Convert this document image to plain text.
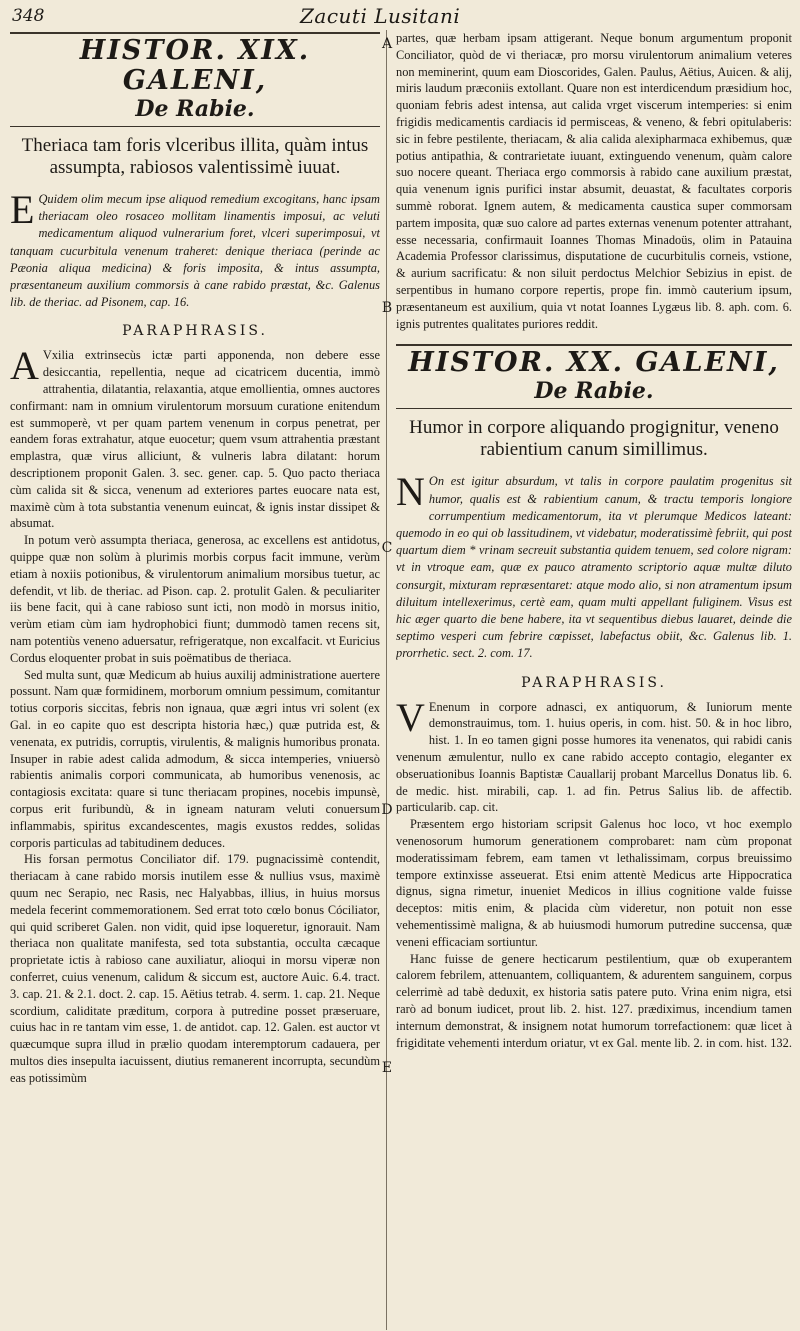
348	Zacuti Lusitani
A
B
C
D
E
HISTOR. XIX. GALENI,
De Rabie.

Theriaca tam foris vlceribus illita, quàm intus assumpta, rabiosos valentissimè iuuat.

E Quidem olim mecum ipse aliquod remedium excogitans, hanc ipsam theriacam oleo rosaceo mollitam linamentis imposui, ac veluti medicamentum aliquod vulnerarium foret, vlceri superimposui, vt tanquam cucurbitula venenum traheret: denique theriaca (perinde ac Pæonia aliqua medicina) & foris imposita, & intus assumpta, præsentaneum auxilium commorsis à cane rabido præstat, &c. Galenus lib. de theriac. ad Pisonem, cap. 16.

PARAPHRASIS.

A Vxilia extrinsecùs ictæ parti apponenda, non debere esse desiccantia, repellentia, neque ad cicatricem ducentia, immò attrahentia, dilatantia, relaxantia, atque emollientia, omnes auctores confirmant: nam in omnium virulentorum morsuum curatione enitendum est summoperè, vt per quam partem venenum in corpus penetrat, per eandem foras extrahatur, atque euocetur; quem vsum attrahentia præstant emplastra, quæ virus alliciunt, & vulneris labra dilatant: horum descriptionem proponit Galen. 3. sec. gener. cap. 5. Quo pacto theriaca cùm calida sit & sicca, venenum ad exteriores partes euocare nata est, maximè cùm à tota substantia venenum euincat, & ignis instar dissipet & absumat.

In potum verò assumpta theriaca, generosa, ac excellens est antidotus, quippe quæ non solùm à plurimis morbis corpus facit immune, verùm etiam à noxiis potionibus, & virulentorum animalium morsibus tuetur, ac defendit, vt lib. de theriac. ad Pison. cap. 2. protulit Galen. & peculiariter iis bene facit, qui à cane rabioso sunt icti, non modò in morsus initio, verùm etiam cùm iam hydrophobici fiunt; dummodò tamen recens sit, nam potentiùs veneno aduersatur, refrigeratque, non excalfacit. vt Euricius Cordus eloquenter probat in suis poëmatibus de theriaca.

Sed multa sunt, quæ Medicum ab huius auxilij administratione auertere possunt. Nam quæ formidinem, morborum omnium pessimum, comitantur totius corporis siccitas, febris non ignaua, quæ ægri intus vri solent (ex Gal. in eo capite quo est descripta historia hæc,) quæ putrida est, & venenata, ex putridis, corruptis, virulentis, & malignis humoribus pronata. Insuper in rabie adest calida admodum, & sicca intemperies, vniuersò rabientis animalis corpori communicata, ab humoribus venenosis, ac contagiosis excitata: quare si tunc theriacam propines, nocebis impunsè, corpus erit furibundù, & in igneam naturam veluti conuersum inflammabis, spiritus excandescentes, magis exustos reddes, solidas corporis particulas ad tabitudinem deduces.

His forsan permotus Conciliator dif. 179. pugnacissimè contendit, theriacam à cane rabido morsis inutilem esse & nullius vsus, maximè quum nec Serapio, nec Rasis, nec Halyabbas, illius, in huius morsus medela fecerint commemorationem. Sed errat toto cœlo bonus Cóciliator, qui quid scriberet Galen. non vidit, quid ipse loqueretur, ignorauit. Nam theriaca non qualitate manifesta, sed tota substantia, occulta cæcaque proprietate ictis à rabioso cane auxiliatur, alioqui in morsu viperæ non conferret, cuius venenum, calidum & siccum est, auctore Auic. 6.4. tract. 3. cap. 21. & 2.1. doct. 2. cap. 15. Aëtius tetrab. 4. serm. 1. cap. 21. Neque scordium, caliditate præditum, corpora à putredine posset præseruare, cuius hac in re tantam vim esse, 1. de antidot. cap. 12. Galen. est auctor vt quæcumque supra illud in prælio quodam interemptorum cadauera, per multos dies insepulta iacuissent, diutius remanerent incorrupta, secundùm eas potissimùm

partes, quæ herbam ipsam attigerant. Neque bonum argumentum proponit Conciliator, quòd de vi theriacæ, pro morsu virulentorum animalium veteres non meminerint, quum eam Dioscorides, Galen. Paulus, Aëtius, Auicen. & alij, miris laudum præconiis extollant. Quare non est interdicendum præsidium hoc, quoniam febris adest intensa, aut calida vrget viscerum intemperies: si enim frigidis medicamentis cardiacis id permisceas, & veneno, & febri opitulaberis: sic in febre pestilente, theriacam, & alia calida alexipharmaca exhibemus, quæ potius antipathia, & contrarietate iuuant, extinguendo venenum, quàm calore suo nocere queant. Theriaca ergo commorsis à rabido cane auxilium præstat, quia venenum ignis purifici instar absumit, deuastat, & facultates corporis summè roborat. Ignem autem, & medicamenta caustica super commorsam partem imposita, quæ suo calore ad partes externas venenum potenter attrahant, esse necessaria, confirmauit Ioannes Thomas Minadoüs, olim in Patauina Academia Professor clarissimus, disputatione de cucurbitulis corneis, vstione, & aurium sacrificatu: & non siluit perdoctus Melchior Sebizius in epist. de serpentibus in humano corpore repertis, prope fin. immò cauterium ipsum, præsentaneum est auxilium, quia vt notat Ioannes Lygæus lib. 8. aph. com. 6. ignis putrentes qualitates puriores reddit.

HISTOR. XX. GALENI,
De Rabie.

Humor in corpore aliquando progignitur, veneno rabientium canum simillimus.

N On est igitur absurdum, vt talis in corpore paulatim progenitus sit humor, qualis est & rabientium canum, & tractu temporis longiore corrumpentium medicamentorum, ita vt plerumque Medicos lateant: quemodo in eo qui ob lassitudinem, vt videbatur, moderatissimè febriit, qui post quartum diem * vrinam secreuit substantia quidem tenuem, sed colore nigram: vt in vtroque eam, quæ ex pauco atramento scriptorio aquæ multæ diluto consurgit, mixturam repræsentaret: atque modo alio, si non atramentum ipsum diluitum intellexerimus, certè eam, quam multi appellant fuliginem. Visus est hic æger quarto die bene habere, ita vt sequentibus diebus lauaret, deinde die septimo vesperi cum febrire cœpisset, labefactus obiit, &c. Galenus lib. 1. prorrhetic. sect. 2. com. 17.

PARAPHRASIS.

V Enenum in corpore adnasci, ex antiquorum, & Iuniorum mente demonstrauimus, tom. 1. huius operis, in com. hist. 50. & in hoc libro, hist. 1. In eo tamen gigni posse humores ita venenatos, qui rabidi canis venenum æmulentur, nullo ex cane rabido accepto contagio, eleganter ex obseruationibus Ioannis Baptistæ Cauallarij probant Marcellus Donatus lib. 6. de medic. hist. mirabili, cap. 1. ad fin. Petrus Salius lib. de affectib. particularib. cap. cit.

Præsentem ergo historiam scripsit Galenus hoc loco, vt hoc exemplo venenosorum humorum generationem comprobaret: nam cùm proponat moderatissimam febrem, eam tamen vt lethalissimam, corpus breuissimo tempore extinxisse asseuerat. Etsi enim attentè Medicus arte Hippocratica dignus, signa rimetur, inueniet Medicos in illius cognitione valde fuisse deceptos: mitis enim, & placida cùm videretur, non potuit non esse vehementissimè maligna, & ab huiusmodi humorum putredine succensa, quæ veneni efficaciam sortiuntur.

Hanc fuisse de genere hecticarum pestilentium, quæ ob exuperantem calorem febrilem, attenuantem, colliquantem, & adurentem sanguinem, corpus celerrimè ad tabè deduxit, ex historia satis patere puto. Vrina enim nigra, etsi rarò ad bonum iudicet, prout lib. 2. hist. 127. prædiximus, incendium tamen internum demonstrat, & insignem notat humorum torrefactionem: quæ licet à frigiditate vehementi interdum oriatur, vt ex Gal. mente lib. 2. in com. hist. 132.
